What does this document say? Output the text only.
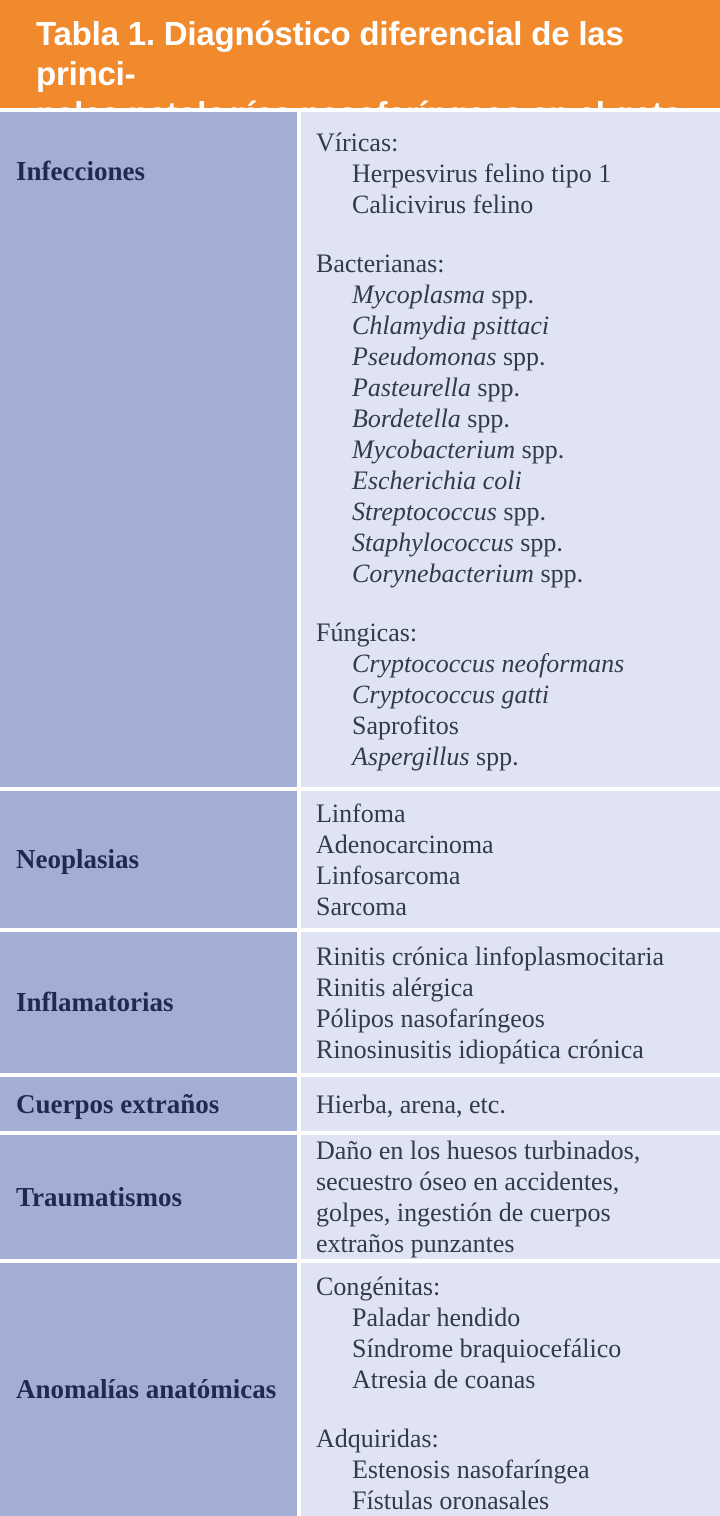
Tabla 1. Diagnóstico diferencial de las princi-

Infecciones
Víricas:
Herpesvirus felino tipo 1
Calicivirus felino
Bacterianas:
Mycoplasma spp.
Chlamydia psittaci
Pseudomonas spp.
Pasteurella spp.
Bordetella spp.
Mycobacterium spp.
Escherichia coli
Streptococcus spp.
Staphylococcus spp.
Corynebacterium spp.
Fúngicas:
Cryptococcus neoformans
Cryptococcus gatti
Saprofitos
Aspergillus spp.
Neoplasias
Linfoma
Adenocarcinoma
Linfosarcoma
Sarcoma
Inflamatorias
Rinitis crónica linfoplasmocitaria
Rinitis alérgica
Pólipos nasofaríngeos
Rinosinusitis idiopática crónica
Cuerpos extraños	Hierba, arena, etc.
Traumatismos
Daño en los huesos turbinados,
secuestro óseo en accidentes,
golpes, ingestión de cuerpos
extraños punzantes
Anomalías anatómicas
Congénitas:
Paladar hendido
Síndrome braquiocefálico
Atresia de coanas
Adquiridas:
Estenosis nasofaríngea
Fístulas oronasales
